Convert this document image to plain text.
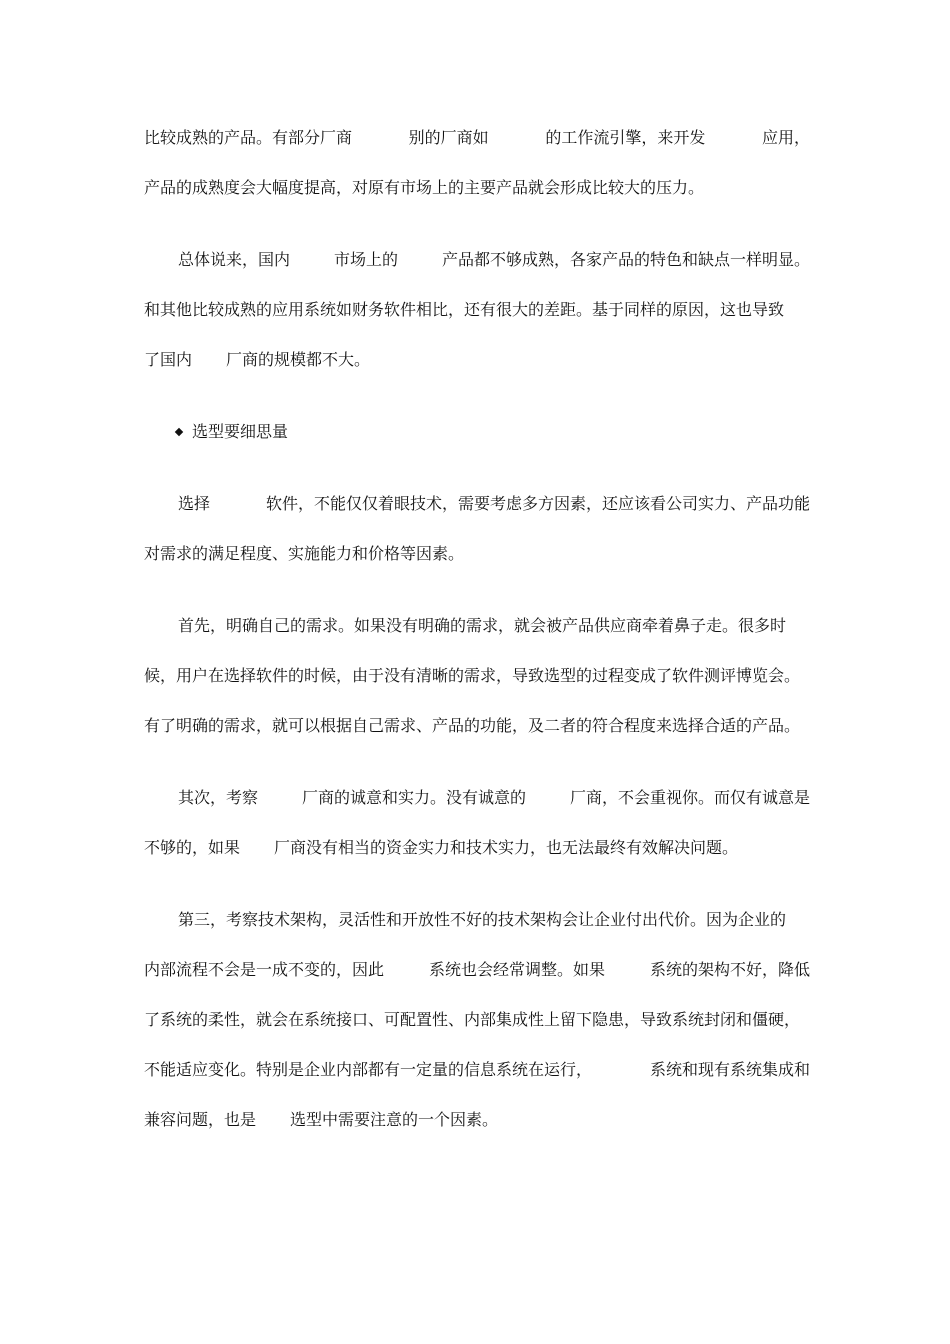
比较成熟的产品。有部分厂商	别的厂商如	的工作流引擎，来开发	应用，
产品的成熟度会大幅度提高，对原有市场上的主要产品就会形成比较大的压力。
总体说来，国内	市场上的	产品都不够成熟，各家产品的特色和缺点一样明显。
和其他比较成熟的应用系统如财务软件相比，还有很大的差距。基于同样的原因，这也导致
了国内 厂商的规模都不大。
选型要细思量
选择	软件，不能仅仅着眼技术，需要考虑多方因素，还应该看公司实力、产品功能
对需求的满足程度、实施能力和价格等因素。
首先，明确自己的需求。如果没有明确的需求，就会被产品供应商牵着鼻子走。很多时
候，用户在选择软件的时候，由于没有清晰的需求，导致选型的过程变成了软件测评博览会。
有了明确的需求，就可以根据自己需求、产品的功能，及二者的符合程度来选择合适的产品。
其次，考察	厂商的诚意和实力。没有诚意的	厂商，不会重视你。而仅有诚意是
不够的，如果 厂商没有相当的资金实力和技术实力，也无法最终有效解决问题。
第三，考察技术架构，灵活性和开放性不好的技术架构会让企业付出代价。因为企业的
内部流程不会是一成不变的，因此	系统也会经常调整。如果	系统的架构不好，降低
了系统的柔性，就会在系统接口、可配置性、内部集成性上留下隐患，导致系统封闭和僵硬，
不能适应变化。特别是企业内部都有一定量的信息系统在运行，	系统和现有系统集成和
兼容问题，也是 选型中需要注意的一个因素。
